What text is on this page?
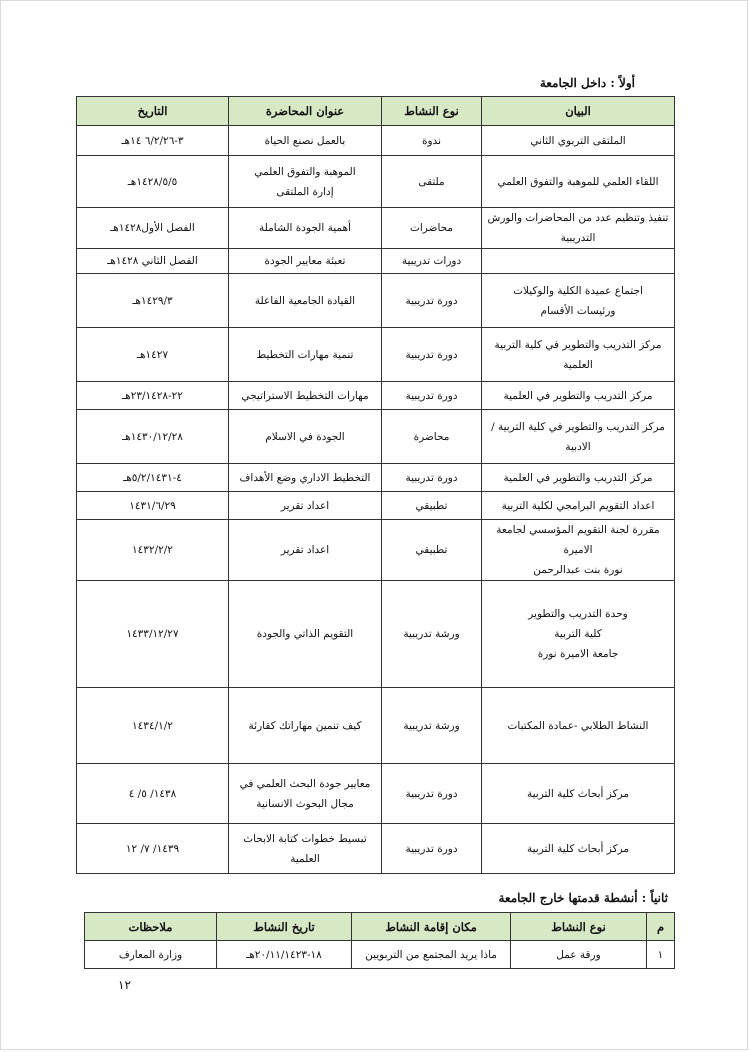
أولاً : داخل الجامعة
البيان	نوع النشاط	عنوان المحاضرة	التاريخ

الملتقى التربوي الثاني	ندوة	بالعمل نصنع الحياة	٣-٦/٢/٢٦ ١٤هـ

اللقاء العلمي للموهبة والتفوق العلمي	ملتقى	الموهبة والتفوق العلمي
إدارة الملتقى	١٤٢٨/٥/٥هـ

تنفيذ وتنظيم عدد من المحاضرات والورش
التدريبية	محاضرات	أهمية الجودة الشاملة	الفصل الأول١٤٢٨هـ

	دورات تدريبية	تعبئة معايير الجودة	الفصل الثاني ١٤٢٨هـ

اجتماع عميدة الكلية والوكيلات
ورئيسات الأقسام	دورة تدريبية	القيادة الجامعية الفاعلة	١٤٢٩/٣هـ

مركز التدريب والتطوير في كلية التربية
العلمية	دورة تدريبية	تنمية مهارات التخطيط	١٤٢٧هـ

مركز التدريب والتطوير في العلمية	دورة تدريبية	مهارات التخطيط الاستراتيجي	٢٢-٢٣/١٤٢٨هـ

مركز التدريب والتطوير في كلية التربية /
الادبية	محاضرة	الجودة في الاسلام	١٤٣٠/١٢/٢٨هـ

مركز التدريب والتطوير في العلمية	دورة تدريبية	التخطيط الاداري وضع الأهداف	٤-٥/٢/١٤٣١هـ

اعداد التقويم البرامجي لكلية التربية	تطبيقي	اعداد تقرير	١٤٣١/٦/٢٩

مقررة لجنة التقويم المؤسسي لجامعة الاميرة
نورة بنت عبدالرحمن	تطبيقي	اعداد تقرير	١٤٣٢/٢/٢

وحدة التدريب والتطوير
كلية التربية
جامعة الاميرة نورة	ورشة تدريبية	التقويم الذاتي والجودة	١٤٣٣/١٢/٢٧

النشاط الطلابي -عمادة المكتبات	ورشة تدريبية	كيف تنمين مهاراتك كقارئة	١٤٣٤/١/٢

مركز أبحاث كلية التربية	دورة تدريبية	معايير جودة البحث العلمي في
مجال البحوث الانسانية	١٤٣٨/ ٥/ ٤

مركز أبحاث كلية التربية	دورة تدريبية	تبسيط خطوات كتابة الابحاث
العلمية	١٤٣٩/ ٧/ ١٢
ثانياً : أنشطة قدمتها خارج الجامعة
م	نوع النشاط	مكان إقامة النشاط	تاريخ النشاط	ملاحظات
١	ورقة عمل	ماذا يريد المجتمع من التربويين	١٨-٢٠/١١/١٤٢٣هـ	وزارة المعارف
١٢
